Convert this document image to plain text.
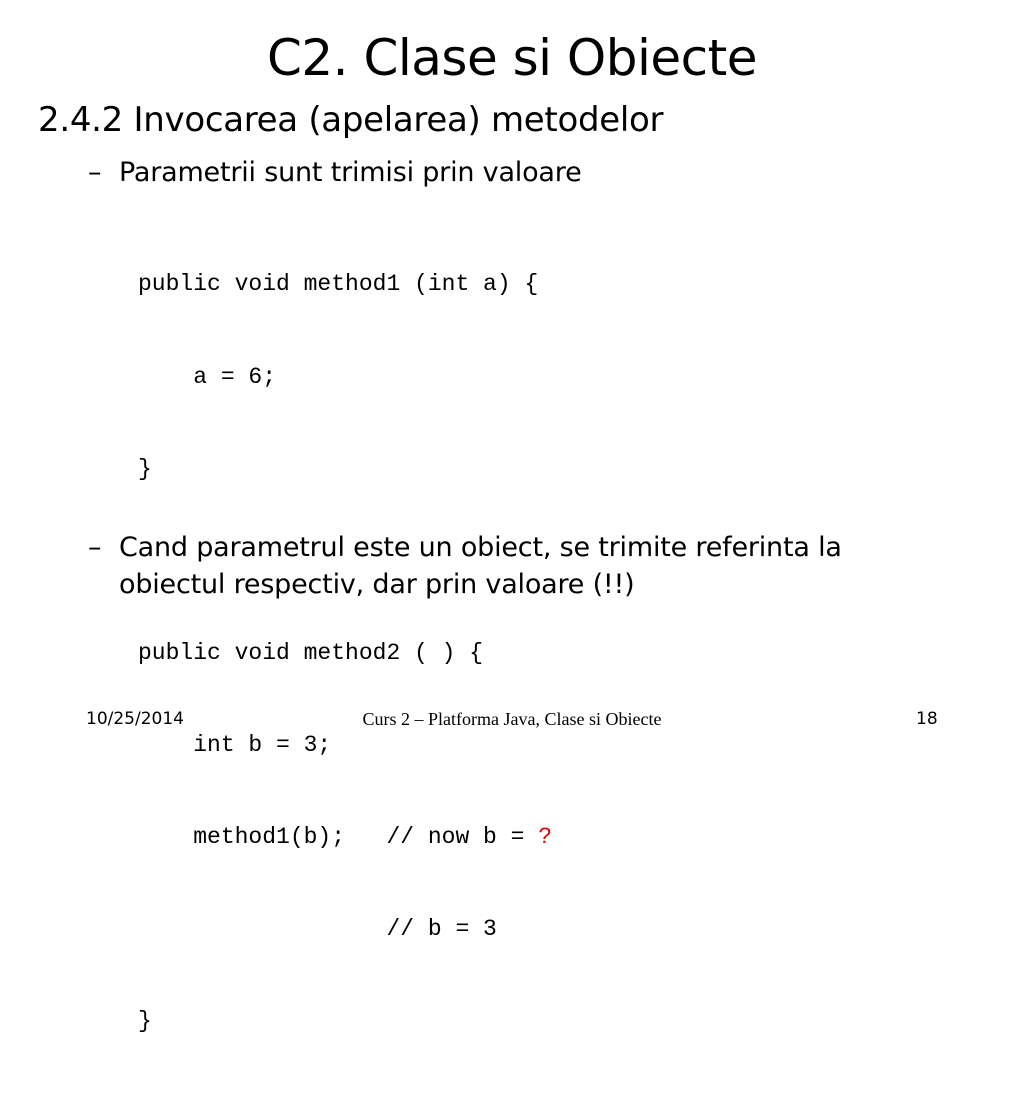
C2. Clase si Obiecte
2.4.2 Invocarea (apelarea) metodelor
– Parametrii sunt trimisi prin valoare

public void method1 (int a) {

a = 6;

}

public void method2 ( ) {

int b = 3;

method1(b);   // now b = ?

// b = 3

}

– Cand parametrul este un obiect, se trimite referinta la
obiectul respectiv, dar prin valoare (!!)
10/25/2014	Curs 2 – Platforma Java, Clase si Obiecte	18
